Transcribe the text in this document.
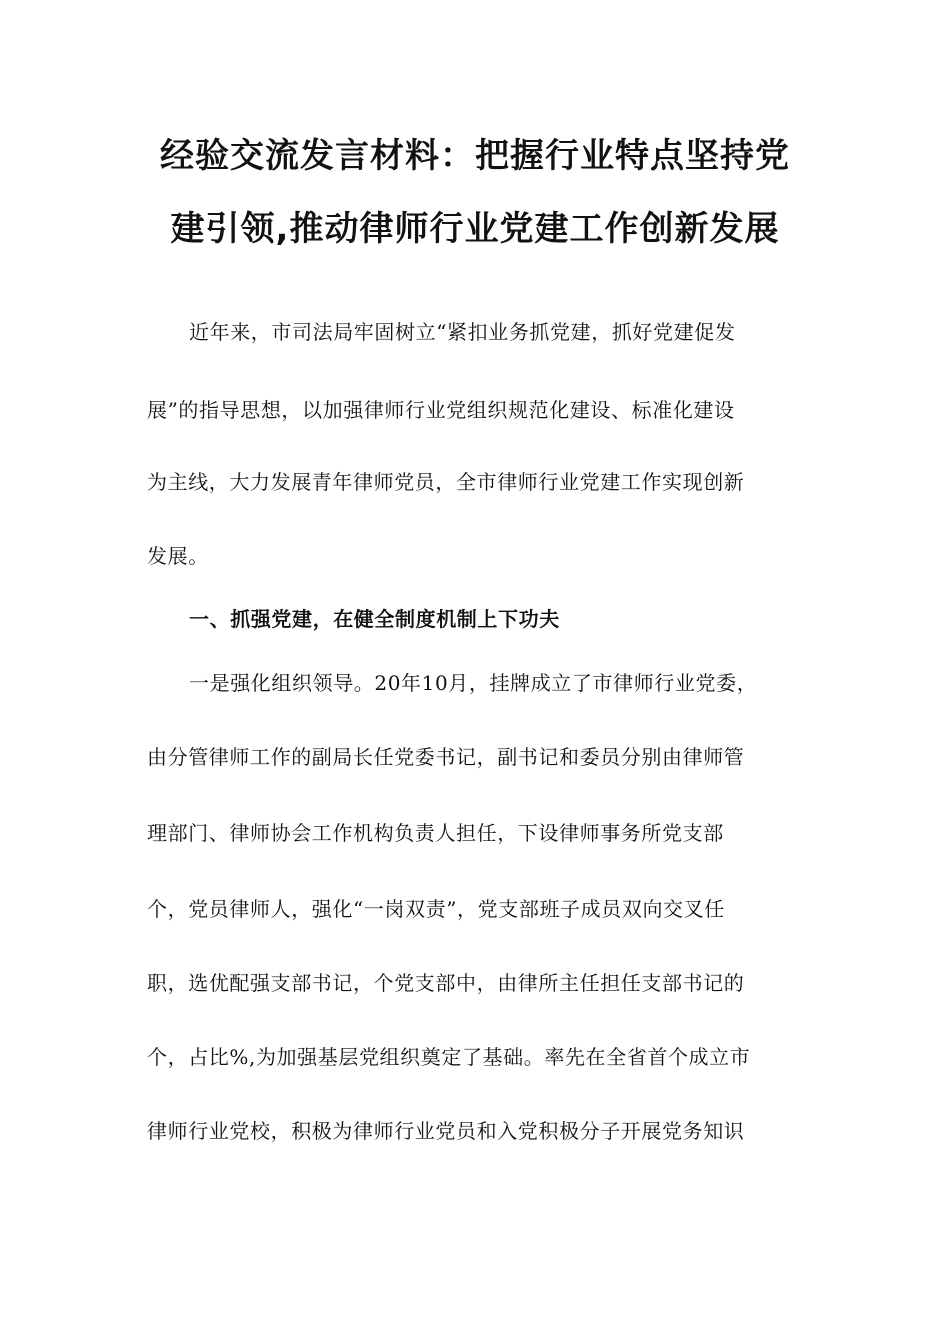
经验交流发言材料：把握行业特点坚持党
建引领,推动律师行业党建工作创新发展
近年来，市司法局牢固树立“紧扣业务抓党建，抓好党建促发
展”的指导思想，以加强律师行业党组织规范化建设、标准化建设
为主线，大力发展青年律师党员，全市律师行业党建工作实现创新
发展。
一、抓强党建，在健全制度机制上下功夫
一是强化组织领导。20年10月，挂牌成立了市律师行业党委，
由分管律师工作的副局长任党委书记，副书记和委员分别由律师管
理部门、律师协会工作机构负责人担任，下设律师事务所党支部
个，党员律师人，强化“一岗双责”，党支部班子成员双向交叉任
职，选优配强支部书记，个党支部中，由律所主任担任支部书记的
个，占比%,为加强基层党组织奠定了基础。率先在全省首个成立市
律师行业党校，积极为律师行业党员和入党积极分子开展党务知识
